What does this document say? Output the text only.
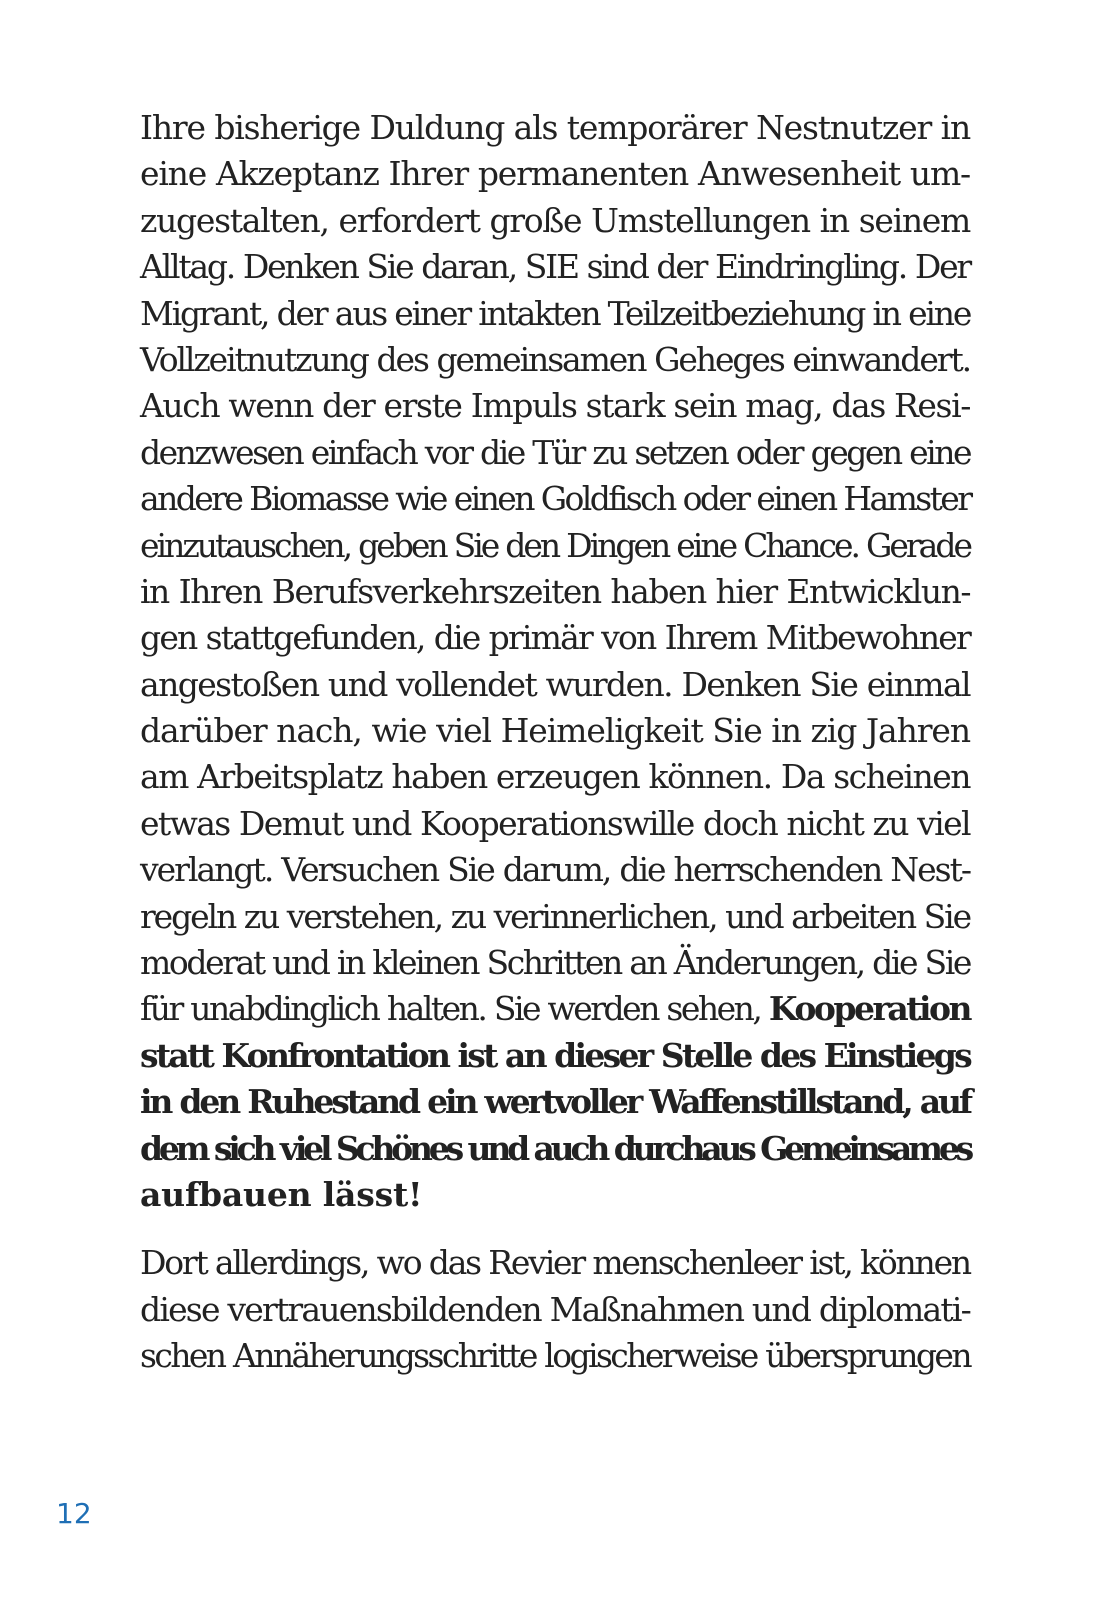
Ihre bisherige Duldung als temporärer Nestnutzer in
eine Akzeptanz Ihrer permanenten Anwesenheit um-
zugestalten, erfordert große Umstellungen in seinem
Alltag. Denken Sie daran, SIE sind der Eindringling. Der
Migrant, der aus einer intakten Teilzeitbeziehung in eine
Vollzeitnutzung des gemeinsamen Geheges einwandert.
Auch wenn der erste Impuls stark sein mag, das Resi-
denzwesen einfach vor die Tür zu setzen oder gegen eine
andere Biomasse wie einen Goldfisch oder einen Hamster
einzutauschen, geben Sie den Dingen eine Chance. Gerade
in Ihren Berufsverkehrszeiten haben hier Entwicklun-
gen stattgefunden, die primär von Ihrem Mitbewohner
angestoßen und vollendet wurden. Denken Sie einmal
darüber nach, wie viel Heimeligkeit Sie in zig Jahren
am Arbeitsplatz haben erzeugen können. Da scheinen
etwas Demut und Kooperationswille doch nicht zu viel
verlangt. Versuchen Sie darum, die herrschenden Nest-
regeln zu verstehen, zu verinnerlichen, und arbeiten Sie
moderat und in kleinen Schritten an Änderungen, die Sie
für unabdinglich halten. Sie werden sehen, Kooperation
statt Konfrontation ist an dieser Stelle des Einstiegs
in den Ruhestand ein wertvoller Waffenstillstand, auf
dem sich viel Schönes und auch durchaus Gemeinsames
aufbauen lässt!
Dort allerdings, wo das Revier menschenleer ist, können
diese vertrauensbildenden Maßnahmen und diplomati-
schen Annäherungsschritte logischerweise übersprungen
12
